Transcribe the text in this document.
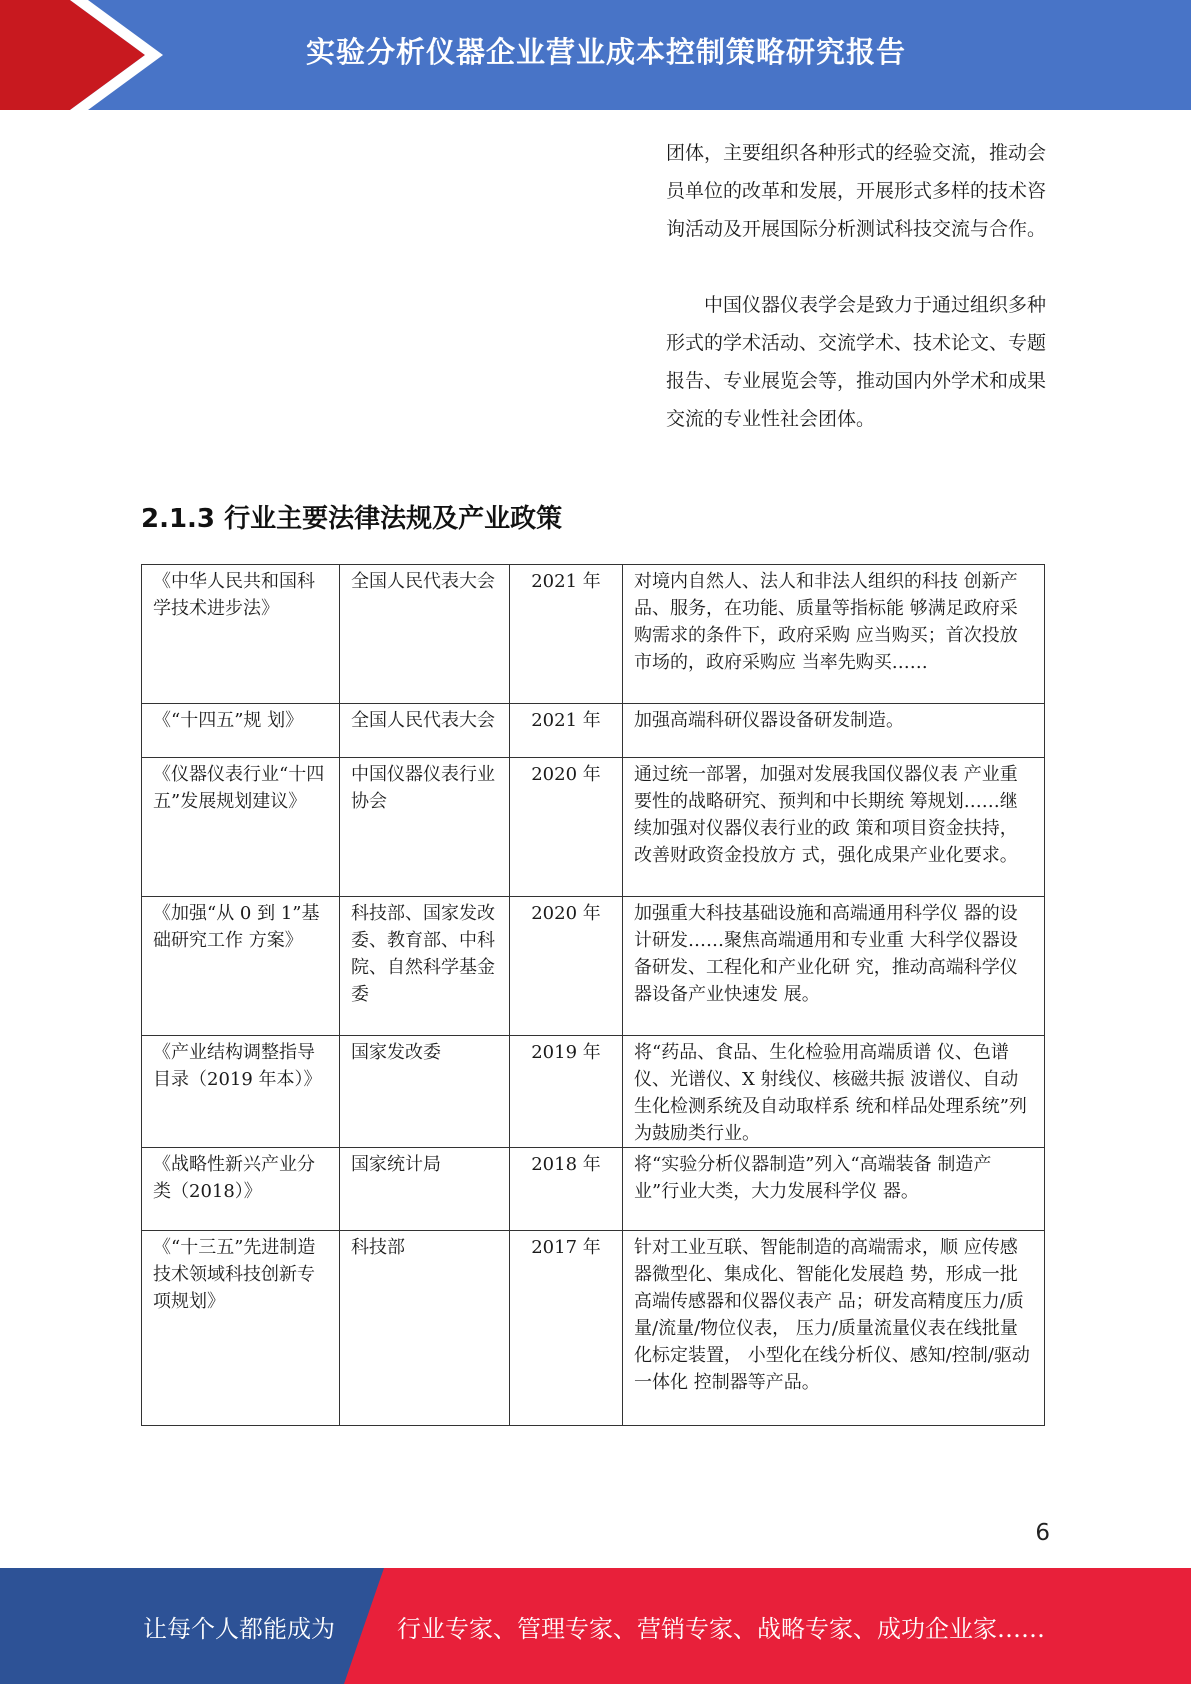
实验分析仪器企业营业成本控制策略研究报告

团体，主要组织各种形式的经验交流，推动会员单位的改革和发展，开展形式多样的技术咨询活动及开展国际分析测试科技交流与合作。

中国仪器仪表学会是致力于通过组织多种形式的学术活动、交流学术、技术论文、专题报告、专业展览会等，推动国内外学术和成果交流的专业性社会团体。

2.1.3 行业主要法律法规及产业政策
《中华人民共和国科学技术进步法》	全国人民代表大会	2021 年	对境内自然人、法人和非法人组织的科技 创新产品、服务，在功能、质量等指标能 够满足政府采购需求的条件下，政府采购 应当购买；首次投放市场的，政府采购应 当率先购买……
《“十四五”规 划》	全国人民代表大会	2021 年	加强高端科研仪器设备研发制造。
《仪器仪表行业“十四五”发展规划建议》	中国仪器仪表行业协会	2020 年	通过统一部署，加强对发展我国仪器仪表 产业重要性的战略研究、预判和中长期统 筹规划……继续加强对仪器仪表行业的政 策和项目资金扶持，改善财政资金投放方 式，强化成果产业化要求。
《加强“从 0 到 1”基础研究工作 方案》	科技部、国家发改委、教育部、中科院、自然科学基金委	2020 年	加强重大科技基础设施和高端通用科学仪 器的设计研发……聚焦高端通用和专业重 大科学仪器设备研发、工程化和产业化研 究，推动高端科学仪器设备产业快速发 展。
《产业结构调整指导目录（2019 年本）》	国家发改委	2019 年	将“药品、食品、生化检验用高端质谱 仪、色谱仪、光谱仪、X 射线仪、核磁共振 波谱仪、自动生化检测系统及自动取样系 统和样品处理系统”列为鼓励类行业。
《战略性新兴产业分类（2018）》	国家统计局	2018 年	将“实验分析仪器制造”列入“高端装备 制造产业”行业大类，大力发展科学仪 器。
《“十三五”先进制造技术领域科技创新专项规划》	科技部	2017 年	针对工业互联、智能制造的高端需求，顺 应传感器微型化、集成化、智能化发展趋 势，形成一批高端传感器和仪器仪表产 品；研发高精度压力/质量/流量/物位仪表， 压力/质量流量仪表在线批量化标定装置， 小型化在线分析仪、感知/控制/驱动一体化 控制器等产品。
6
让每个人都能成为	行业专家、管理专家、营销专家、战略专家、成功企业家……
